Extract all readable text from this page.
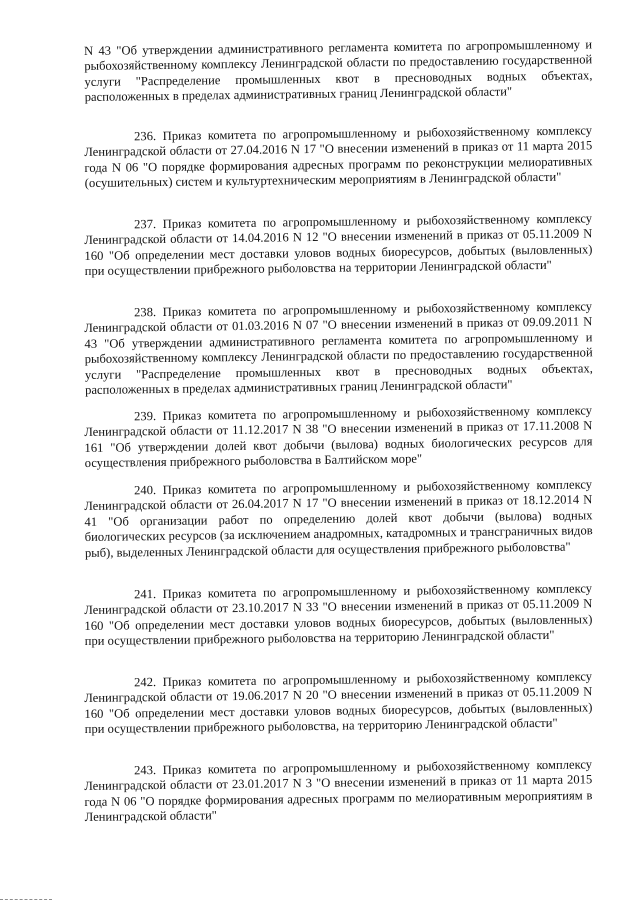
N 43 "Об утверждении административного регламента комитета по агропромышленному и рыбохозяйственному комплексу Ленинградской области по предоставлению государственной услуги "Распределение промышленных квот в пресноводных водных объектах, расположенных в пределах административных границ Ленинградской области"
236. Приказ комитета по агропромышленному и рыбохозяйственному комплексу Ленинградской области от 27.04.2016 N 17 "О внесении изменений в приказ от 11 марта 2015 года N 06 "О порядке формирования адресных программ по реконструкции мелиоративных (осушительных) систем и культуртехническим мероприятиям в Ленинградской области"
237. Приказ комитета по агропромышленному и рыбохозяйственному комплексу Ленинградской области от 14.04.2016 N 12 "О внесении изменений в приказ от 05.11.2009 N 160 "Об определении мест доставки уловов водных биоресурсов, добытых (выловленных) при осуществлении прибрежного рыболовства на территории Ленинградской области"
238. Приказ комитета по агропромышленному и рыбохозяйственному комплексу Ленинградской области от 01.03.2016 N 07 "О внесении изменений в приказ от 09.09.2011 N 43 "Об утверждении административного регламента комитета по агропромышленному и рыбохозяйственному комплексу Ленинградской области по предоставлению государственной услуги "Распределение промышленных квот в пресноводных водных объектах, расположенных в пределах административных границ Ленинградской области"
239. Приказ комитета по агропромышленному и рыбохозяйственному комплексу Ленинградской области от 11.12.2017 N 38 "О внесении изменений в приказ от 17.11.2008 N 161 "Об утверждении долей квот добычи (вылова) водных биологических ресурсов для осуществления прибрежного рыболовства в Балтийском море"
240. Приказ комитета по агропромышленному и рыбохозяйственному комплексу Ленинградской области от 26.04.2017 N 17 "О внесении изменений в приказ от 18.12.2014 N 41 "Об организации работ по определению долей квот добычи (вылова) водных биологических ресурсов (за исключением анадромных, катадромных и трансграничных видов рыб), выделенных Ленинградской области для осуществления прибрежного рыболовства"
241. Приказ комитета по агропромышленному и рыбохозяйственному комплексу Ленинградской области от 23.10.2017 N 33 "О внесении изменений в приказ от 05.11.2009 N 160 "Об определении мест доставки уловов водных биоресурсов, добытых (выловленных) при осуществлении прибрежного рыболовства на территорию Ленинградской области"
242. Приказ комитета по агропромышленному и рыбохозяйственному комплексу Ленинградской области от 19.06.2017 N 20 "О внесении изменений в приказ от 05.11.2009 N 160 "Об определении мест доставки уловов водных биоресурсов, добытых (выловленных) при осуществлении прибрежного рыболовства, на территорию Ленинградской области"
243. Приказ комитета по агропромышленному и рыбохозяйственному комплексу Ленинградской области от 23.01.2017 N 3 "О внесении изменений в приказ от 11 марта 2015 года N 06 "О порядке формирования адресных программ по мелиоративным мероприятиям в Ленинградской области"
